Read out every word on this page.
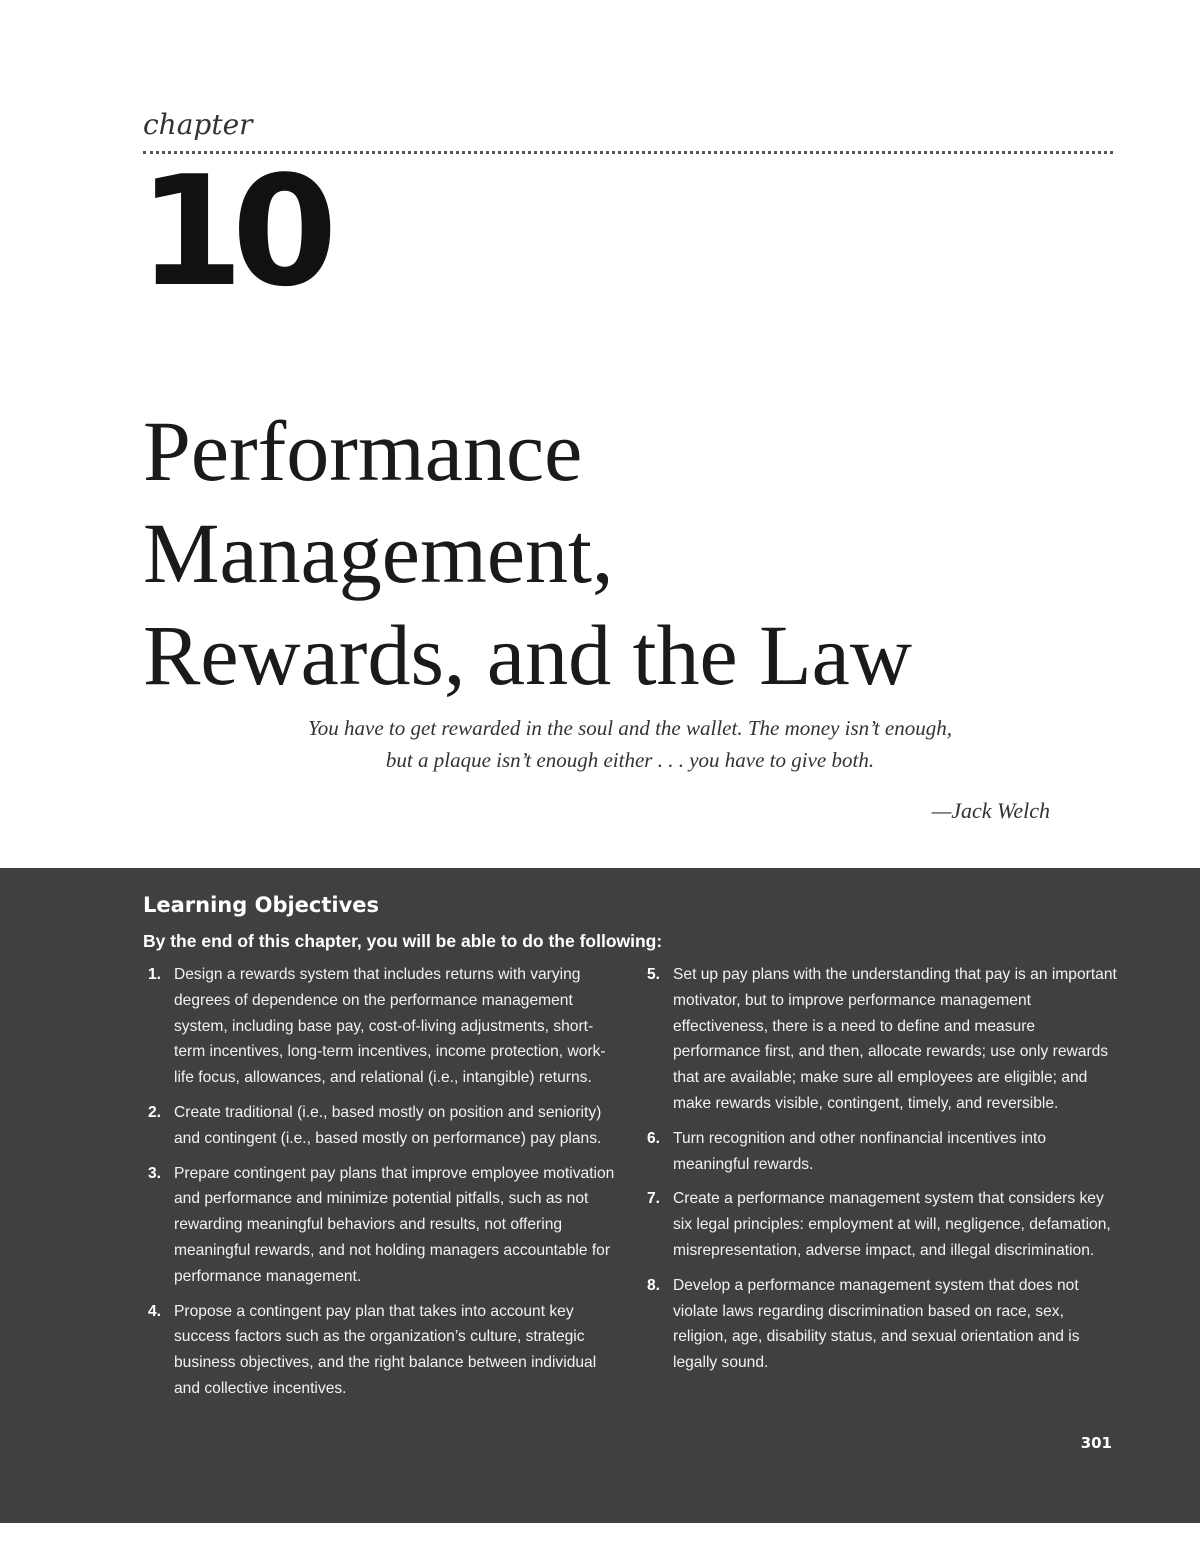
chapter
10
Performance
Management,
Rewards, and the Law
You have to get rewarded in the soul and the wallet. The money isn’t enough,
but a plaque isn’t enough either . . . you have to give both.
—Jack Welch
Learning Objectives
By the end of this chapter, you will be able to do the following:
1. Design a rewards system that includes returns with varying degrees of dependence on the performance management system, including base pay, cost-of-living adjustments, short-term incentives, long-term incentives, income protection, work-life focus, allowances, and relational (i.e., intangible) returns.
2. Create traditional (i.e., based mostly on position and seniority) and contingent (i.e., based mostly on performance) pay plans.
3. Prepare contingent pay plans that improve employee motivation and performance and minimize potential pitfalls, such as not rewarding meaningful behaviors and results, not offering meaningful rewards, and not holding managers accountable for performance management.
4. Propose a contingent pay plan that takes into account key success factors such as the organization’s culture, strategic business objectives, and the right balance between individual and collective incentives.
5. Set up pay plans with the understanding that pay is an important motivator, but to improve performance management effectiveness, there is a need to define and measure performance first, and then, allocate rewards; use only rewards that are available; make sure all employees are eligible; and make rewards visible, contingent, timely, and reversible.
6. Turn recognition and other nonfinancial incentives into meaningful rewards.
7. Create a performance management system that considers key six legal principles: employment at will, negligence, defamation, misrepresentation, adverse impact, and illegal discrimination.
8. Develop a performance management system that does not violate laws regarding discrimination based on race, sex, religion, age, disability status, and sexual orientation and is legally sound.
301
